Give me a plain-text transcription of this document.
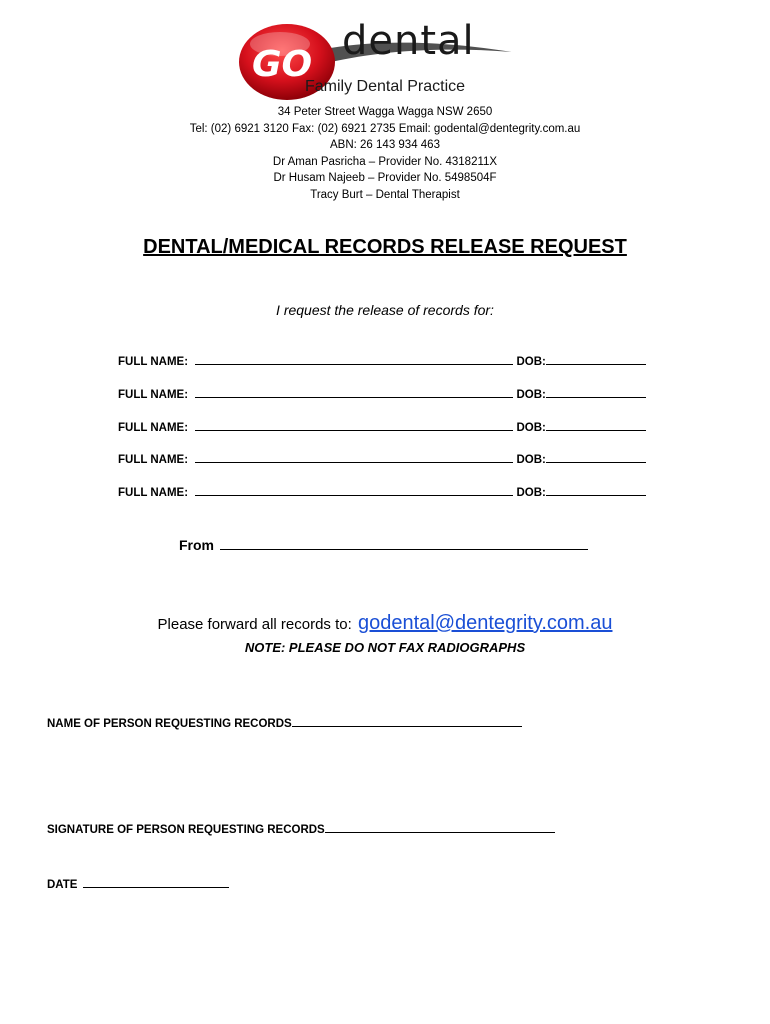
GO
dental
Family Dental Practice
34 Peter Street Wagga Wagga NSW 2650
Tel: (02) 6921 3120 Fax: (02) 6921 2735 Email: godental@dentegrity.com.au
ABN: 26 143 934 463
Dr Aman Pasricha – Provider No. 4318211X
Dr Husam Najeeb – Provider No. 5498504F
Tracy Burt – Dental Therapist
DENTAL/MEDICAL RECORDS RELEASE REQUEST
I request the release of records for:
FULL NAME:	DOB:
FULL NAME:	DOB:
FULL NAME:	DOB:
FULL NAME:	DOB:
FULL NAME:	DOB:
From
Please forward all records to: godental@dentegrity.com.au
NOTE: PLEASE DO NOT FAX RADIOGRAPHS
NAME OF PERSON REQUESTING RECORDS
SIGNATURE OF PERSON REQUESTING RECORDS
DATE
